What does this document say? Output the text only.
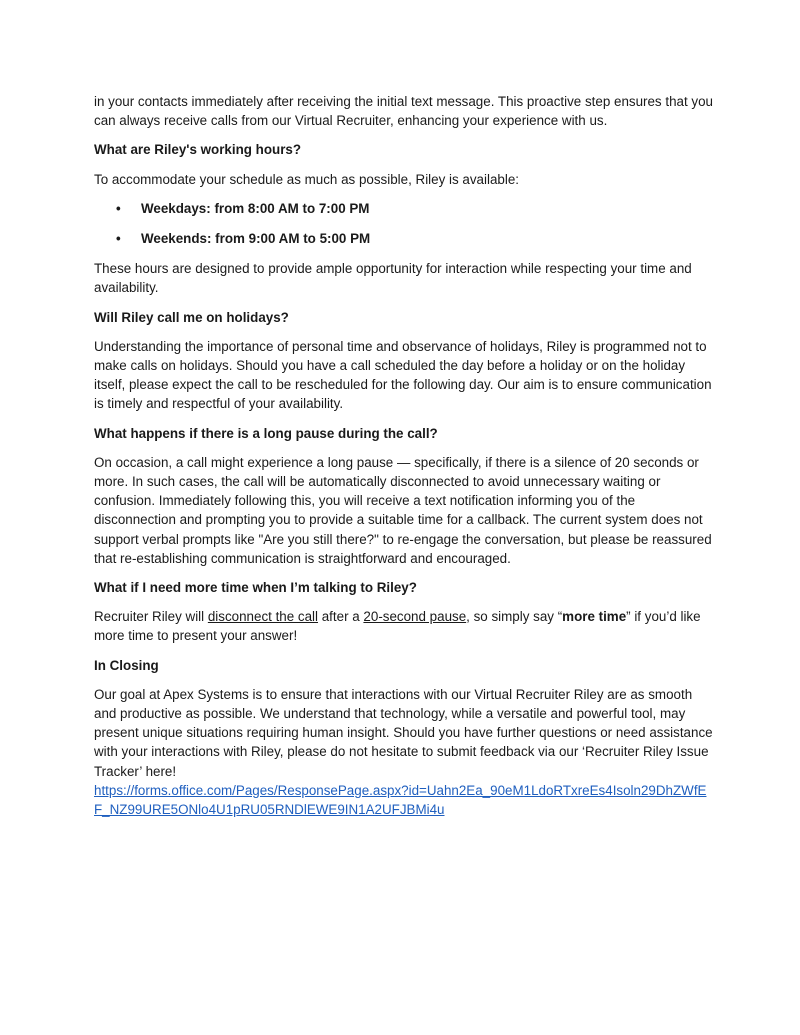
in your contacts immediately after receiving the initial text message. This proactive step ensures that you
can always receive calls from our Virtual Recruiter, enhancing your experience with us.

What are Riley's working hours?

To accommodate your schedule as much as possible, Riley is available:

• Weekdays: from 8:00 AM to 7:00 PM
• Weekends: from 9:00 AM to 5:00 PM

These hours are designed to provide ample opportunity for interaction while respecting your time and availability.

Will Riley call me on holidays?

Understanding the importance of personal time and observance of holidays, Riley is programmed not to make calls on holidays. Should you have a call scheduled the day before a holiday or on the holiday itself, please expect the call to be rescheduled for the following day. Our aim is to ensure communication is timely and respectful of your availability.

What happens if there is a long pause during the call?

On occasion, a call might experience a long pause — specifically, if there is a silence of 20 seconds or more. In such cases, the call will be automatically disconnected to avoid unnecessary waiting or confusion. Immediately following this, you will receive a text notification informing you of the disconnection and prompting you to provide a suitable time for a callback. The current system does not support verbal prompts like "Are you still there?" to re-engage the conversation, but please be reassured that re-establishing communication is straightforward and encouraged.

What if I need more time when I’m talking to Riley?

Recruiter Riley will disconnect the call after a 20-second pause, so simply say “more time” if you’d like more time to present your answer!

In Closing

Our goal at Apex Systems is to ensure that interactions with our Virtual Recruiter Riley are as smooth and productive as possible. We understand that technology, while a versatile and powerful tool, may present unique situations requiring human insight. Should you have further questions or need assistance with your interactions with Riley, please do not hesitate to submit feedback via our ‘Recruiter Riley Issue Tracker’ here!

https://forms.office.com/Pages/ResponsePage.aspx?id=Uahn2Ea_90eM1LdoRTxreEs4Isoln29DhZWfEF_NZ99URE5ONlo4U1pRU05RNDlEWE9IN1A2UFJBMi4u
